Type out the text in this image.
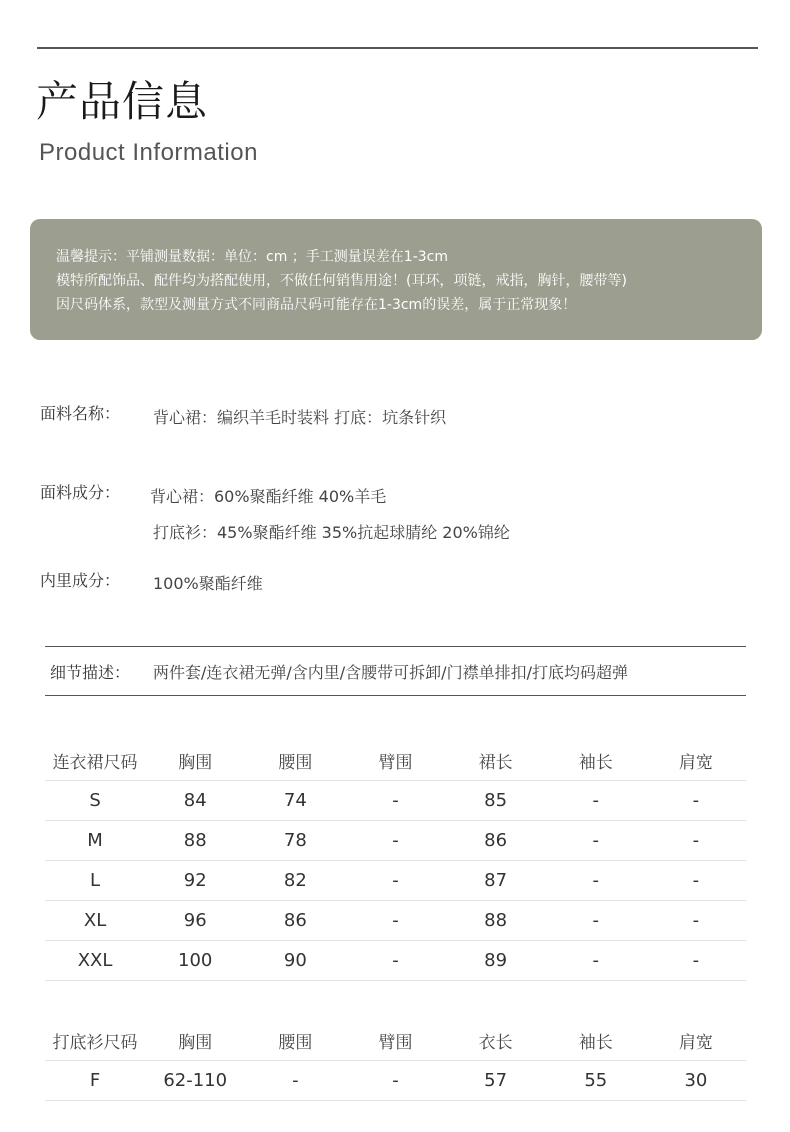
产品信息
Product Information

温馨提示：平铺测量数据：单位：cm ；手工测量误差在1-3cm

模特所配饰品、配件均为搭配使用，不做任何销售用途！(耳环，项链，戒指，胸针，腰带等)

因尺码体系，款型及测量方式不同商品尺码可能存在1-3cm的误差，属于正常现象！

面料名称： 背心裙：编织羊毛时装料 打底：坑条针织
面料成分： 背心裙：60%聚酯纤维 40%羊毛
打底衫：45%聚酯纤维 35%抗起球腈纶 20%锦纶
内里成分： 100%聚酯纤维
细节描述： 两件套/连衣裙无弹/含内里/含腰带可拆卸/门襟单排扣/打底均码超弹
连衣裙尺码	胸围	腰围	臂围	裙长	袖长	肩宽
S	84	74	-	85	-	-
M	88	78	-	86	-	-
L	92	82	-	87	-	-
XL	96	86	-	88	-	-
XXL	100	90	-	89	-	-
打底衫尺码	胸围	腰围	臂围	衣长	袖长	肩宽
F	62-110	-	-	57	55	30
